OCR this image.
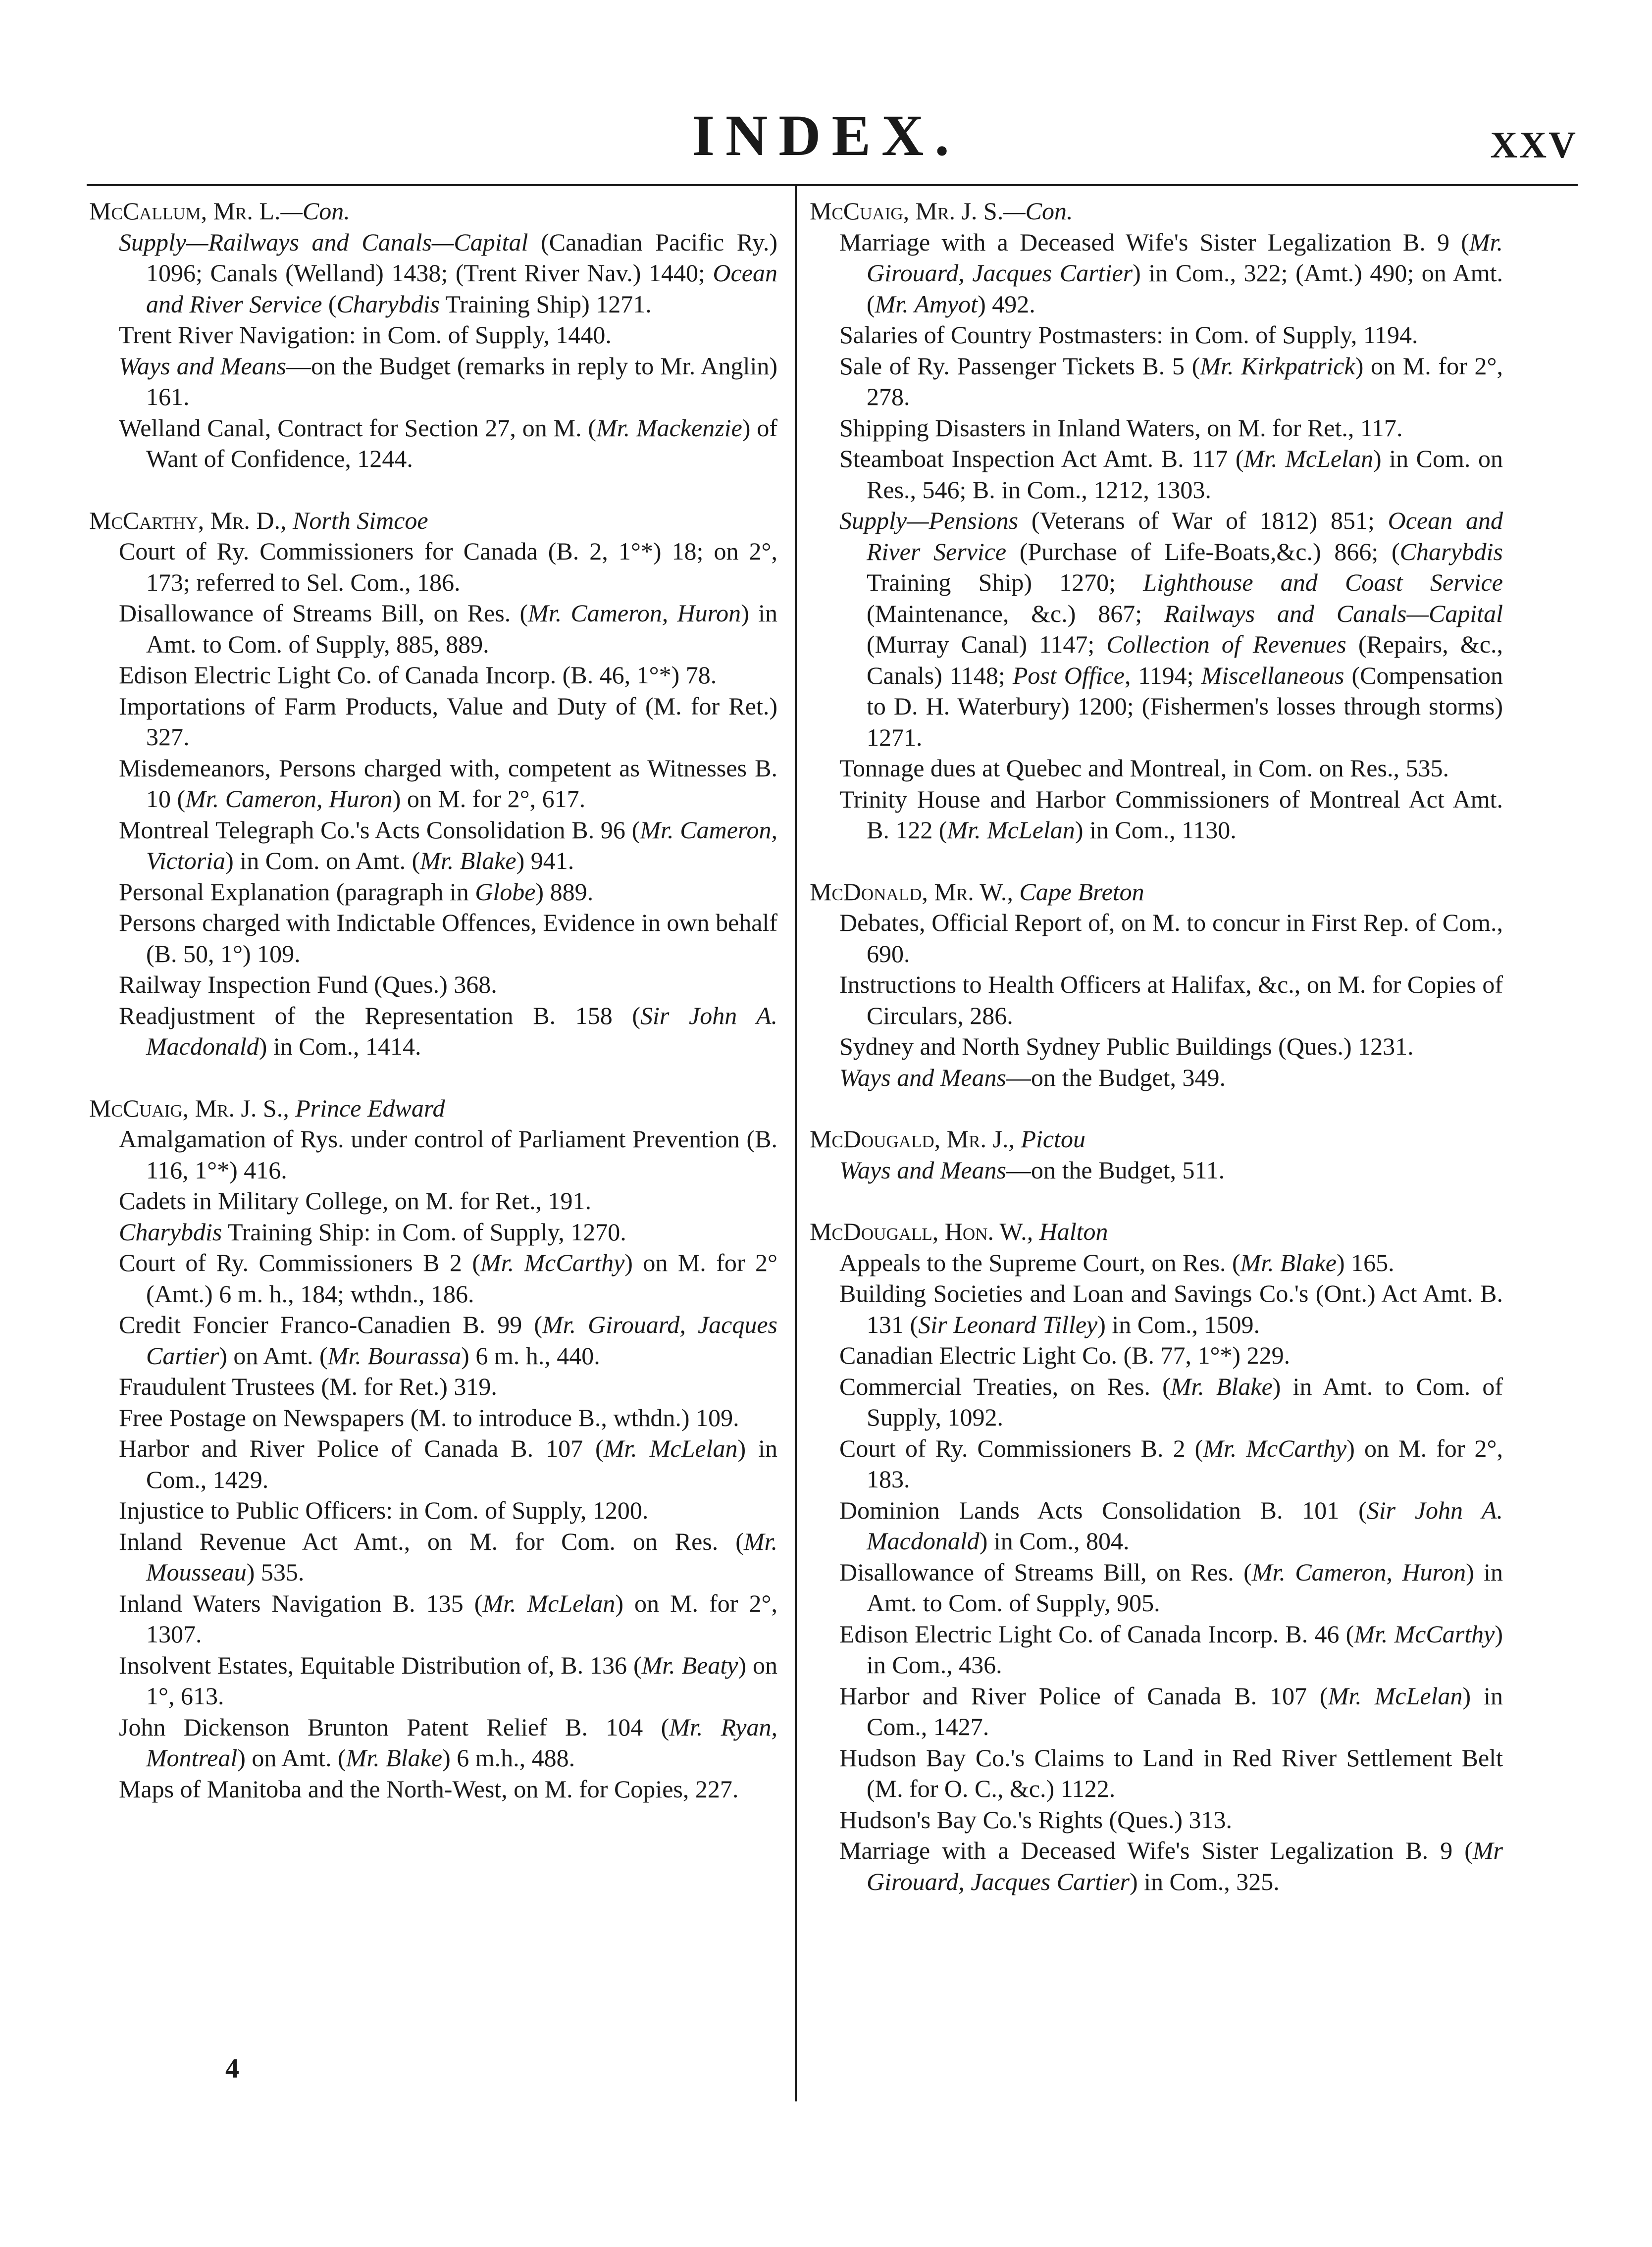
INDEX.	XXV
McCallum, Mr. L.—Con.
Supply—Railways and Canals—Capital (Canadian Pacific Ry.) 1096; Canals (Welland) 1438; (Trent River Nav.) 1440; Ocean and River Service (Charybdis Training Ship) 1271.
Trent River Navigation: in Com. of Supply, 1440.
Ways and Means—on the Budget (remarks in reply to Mr. Anglin) 161.
Welland Canal, Contract for Section 27, on M. (Mr. Mackenzie) of Want of Confidence, 1244.
McCarthy, Mr. D., North Simcoe
Court of Ry. Commissioners for Canada (B. 2, 1°*) 18; on 2°, 173; referred to Sel. Com., 186.
Disallowance of Streams Bill, on Res. (Mr. Cameron, Huron) in Amt. to Com. of Supply, 885, 889.
Edison Electric Light Co. of Canada Incorp. (B. 46, 1°*) 78.
Importations of Farm Products, Value and Duty of (M. for Ret.) 327.
Misdemeanors, Persons charged with, competent as Witnesses B. 10 (Mr. Cameron, Huron) on M. for 2°, 617.
Montreal Telegraph Co.'s Acts Consolidation B. 96 (Mr. Cameron, Victoria) in Com. on Amt. (Mr. Blake) 941.
Personal Explanation (paragraph in Globe) 889.
Persons charged with Indictable Offences, Evidence in own behalf (B. 50, 1°) 109.
Railway Inspection Fund (Ques.) 368.
Readjustment of the Representation B. 158 (Sir John A. Macdonald) in Com., 1414.
McCuaig, Mr. J. S., Prince Edward
Amalgamation of Rys. under control of Parliament Prevention (B. 116, 1°*) 416.
Cadets in Military College, on M. for Ret., 191.
Charybdis Training Ship: in Com. of Supply, 1270.
Court of Ry. Commissioners B 2 (Mr. McCarthy) on M. for 2° (Amt.) 6 m. h., 184; wthdn., 186.
Credit Foncier Franco-Canadien B. 99 (Mr. Girouard, Jacques Cartier) on Amt. (Mr. Bourassa) 6 m. h., 440.
Fraudulent Trustees (M. for Ret.) 319.
Free Postage on Newspapers (M. to introduce B., wthdn.) 109.
Harbor and River Police of Canada B. 107 (Mr. McLelan) in Com., 1429.
Injustice to Public Officers: in Com. of Supply, 1200.
Inland Revenue Act Amt., on M. for Com. on Res. (Mr. Mousseau) 535.
Inland Waters Navigation B. 135 (Mr. McLelan) on M. for 2°, 1307.
Insolvent Estates, Equitable Distribution of, B. 136 (Mr. Beaty) on 1°, 613.
John Dickenson Brunton Patent Relief B. 104 (Mr. Ryan, Montreal) on Amt. (Mr. Blake) 6 m.h., 488.
Maps of Manitoba and the North-West, on M. for Copies, 227.
McCuaig, Mr. J. S.—Con.
Marriage with a Deceased Wife's Sister Legalization B. 9 (Mr. Girouard, Jacques Cartier) in Com., 322; (Amt.) 490; on Amt. (Mr. Amyot) 492.
Salaries of Country Postmasters: in Com. of Supply, 1194.
Sale of Ry. Passenger Tickets B. 5 (Mr. Kirkpatrick) on M. for 2°, 278.
Shipping Disasters in Inland Waters, on M. for Ret., 117.
Steamboat Inspection Act Amt. B. 117 (Mr. McLelan) in Com. on Res., 546; B. in Com., 1212, 1303.
Supply—Pensions (Veterans of War of 1812) 851; Ocean and River Service (Purchase of Life-Boats,&c.) 866; (Charybdis Training Ship) 1270; Lighthouse and Coast Service (Maintenance, &c.) 867; Railways and Canals—Capital (Murray Canal) 1147; Collection of Revenues (Repairs, &c., Canals) 1148; Post Office, 1194; Miscellaneous (Compensation to D. H. Waterbury) 1200; (Fishermen's losses through storms) 1271.
Tonnage dues at Quebec and Montreal, in Com. on Res., 535.
Trinity House and Harbor Commissioners of Montreal Act Amt. B. 122 (Mr. McLelan) in Com., 1130.
McDonald, Mr. W., Cape Breton
Debates, Official Report of, on M. to concur in First Rep. of Com., 690.
Instructions to Health Officers at Halifax, &c., on M. for Copies of Circulars, 286.
Sydney and North Sydney Public Buildings (Ques.) 1231.
Ways and Means—on the Budget, 349.
McDougald, Mr. J., Pictou
Ways and Means—on the Budget, 511.
McDougall, Hon. W., Halton
Appeals to the Supreme Court, on Res. (Mr. Blake) 165.
Building Societies and Loan and Savings Co.'s (Ont.) Act Amt. B. 131 (Sir Leonard Tilley) in Com., 1509.
Canadian Electric Light Co. (B. 77, 1°*) 229.
Commercial Treaties, on Res. (Mr. Blake) in Amt. to Com. of Supply, 1092.
Court of Ry. Commissioners B. 2 (Mr. McCarthy) on M. for 2°, 183.
Dominion Lands Acts Consolidation B. 101 (Sir John A. Macdonald) in Com., 804.
Disallowance of Streams Bill, on Res. (Mr. Cameron, Huron) in Amt. to Com. of Supply, 905.
Edison Electric Light Co. of Canada Incorp. B. 46 (Mr. McCarthy) in Com., 436.
Harbor and River Police of Canada B. 107 (Mr. McLelan) in Com., 1427.
Hudson Bay Co.'s Claims to Land in Red River Settlement Belt (M. for O. C., &c.) 1122.
Hudson's Bay Co.'s Rights (Ques.) 313.
Marriage with a Deceased Wife's Sister Legalization B. 9 (Mr Girouard, Jacques Cartier) in Com., 325.
4
